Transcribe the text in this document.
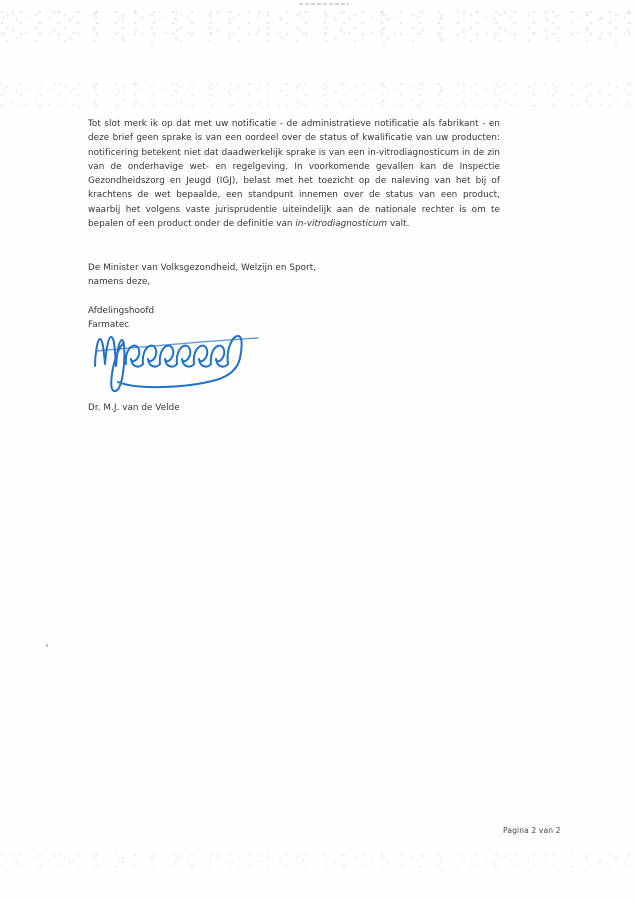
Tot slot merk ik op dat met uw notificatie - de administratieve notificatie als fabrikant - en deze brief geen sprake is van een oordeel over de status of kwalificatie van uw producten: notificering betekent niet dat daadwerkelijk sprake is van een in-vitrodiagnosticum in de zin van de onderhavige wet- en regelgeving. In voorkomende gevallen kan de Inspectie Gezondheidszorg en Jeugd (IGJ), belast met het toezicht op de naleving van het bij of krachtens de wet bepaalde, een standpunt innemen over de status van een product, waarbij het volgens vaste jurisprudentie uiteindelijk aan de nationale rechter is om te bepalen of een product onder de definitie van in-vitrodiagnosticum valt.

De Minister van Volksgezondheid, Welzijn en Sport,
namens deze,
Afdelingshoofd
Farmatec
Dr. M.J. van de Velde
Pagina 2 van 2
